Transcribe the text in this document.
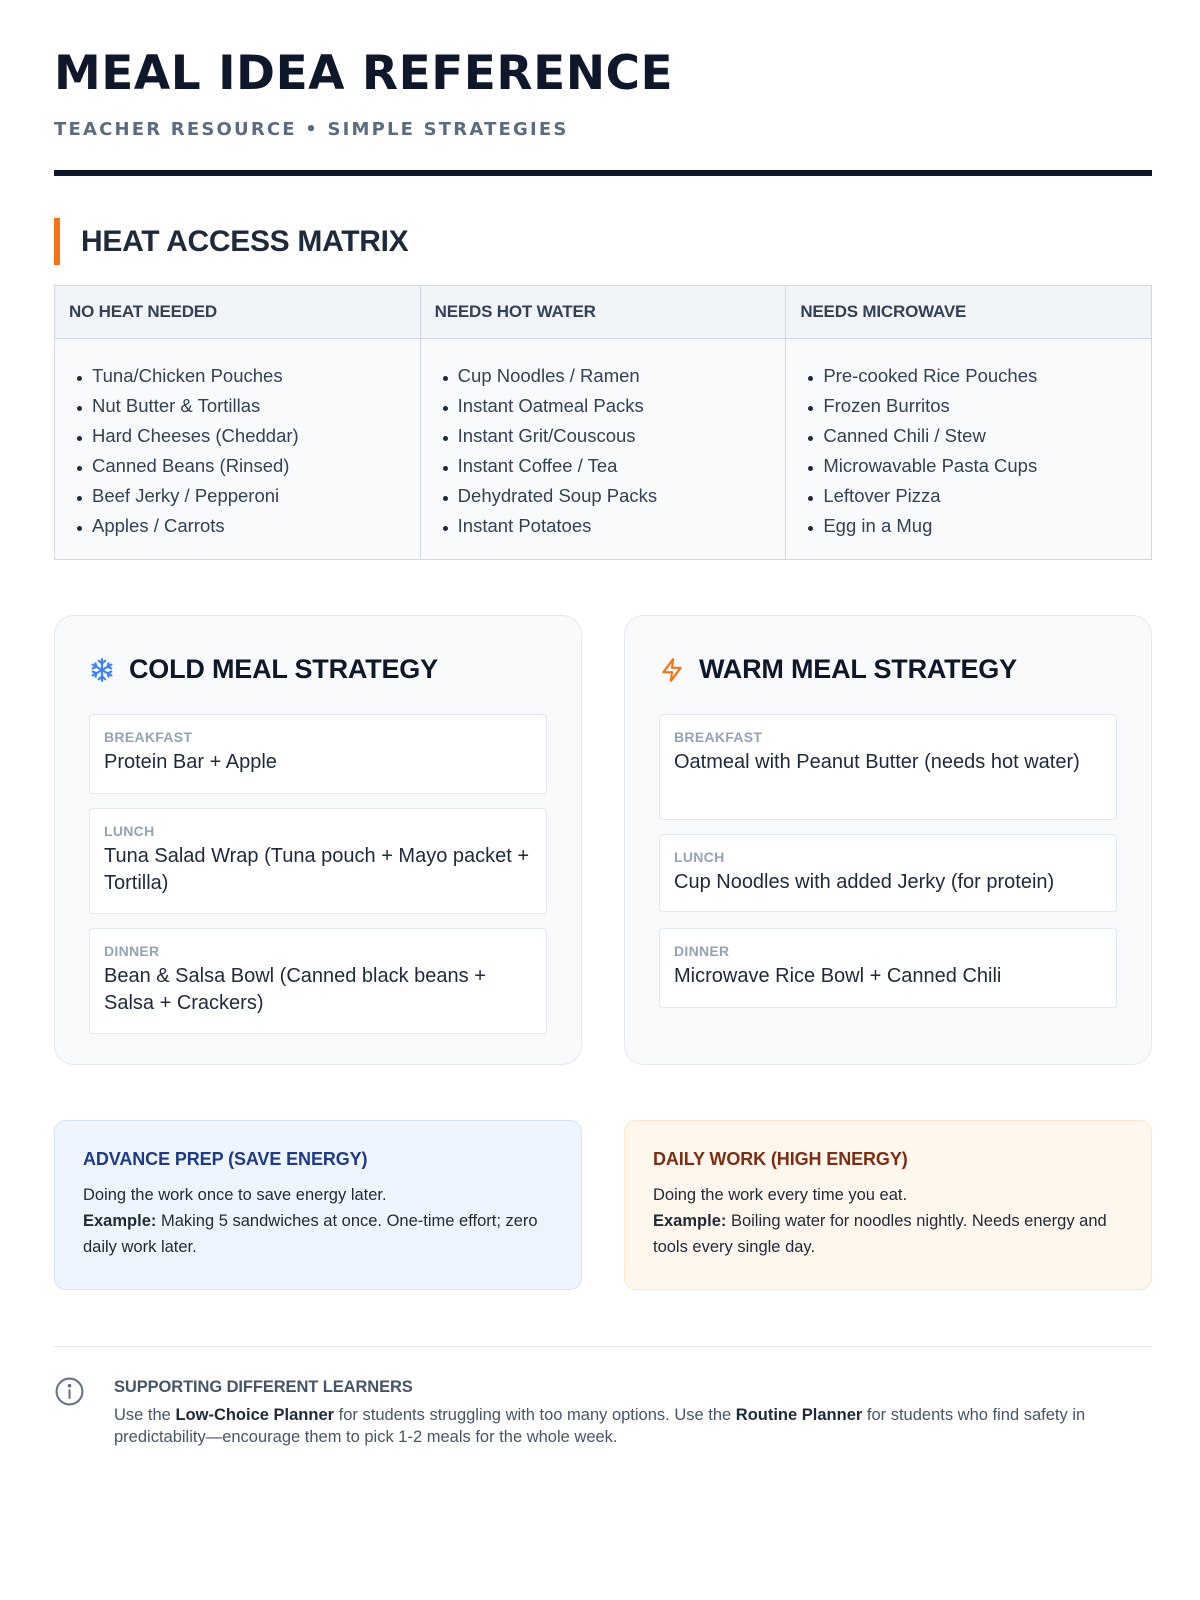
MEAL IDEA REFERENCE
TEACHER RESOURCE • SIMPLE STRATEGIES
HEAT ACCESS MATRIX
NO HEAT NEEDED
Tuna/Chicken Pouches
Nut Butter & Tortillas
Hard Cheeses (Cheddar)
Canned Beans (Rinsed)
Beef Jerky / Pepperoni
Apples / Carrots
NEEDS HOT WATER
Cup Noodles / Ramen
Instant Oatmeal Packs
Instant Grit/Couscous
Instant Coffee / Tea
Dehydrated Soup Packs
Instant Potatoes
NEEDS MICROWAVE
Pre-cooked Rice Pouches
Frozen Burritos
Canned Chili / Stew
Microwavable Pasta Cups
Leftover Pizza
Egg in a Mug
COLD MEAL STRATEGY
BREAKFAST
Protein Bar + Apple
LUNCH
Tuna Salad Wrap (Tuna pouch + Mayo packet + Tortilla)
DINNER
Bean & Salsa Bowl (Canned black beans + Salsa + Crackers)
WARM MEAL STRATEGY
BREAKFAST
Oatmeal with Peanut Butter (needs hot water)
LUNCH
Cup Noodles with added Jerky (for protein)
DINNER
Microwave Rice Bowl + Canned Chili
ADVANCE PREP (SAVE ENERGY)
Doing the work once to save energy later.
Example: Making 5 sandwiches at once. One-time effort; zero daily work later.
DAILY WORK (HIGH ENERGY)
Doing the work every time you eat.
Example: Boiling water for noodles nightly. Needs energy and tools every single day.
SUPPORTING DIFFERENT LEARNERS

Use the Low-Choice Planner for students struggling with too many options. Use the Routine Planner for students who find safety in predictability—encourage them to pick 1-2 meals for the whole week.
